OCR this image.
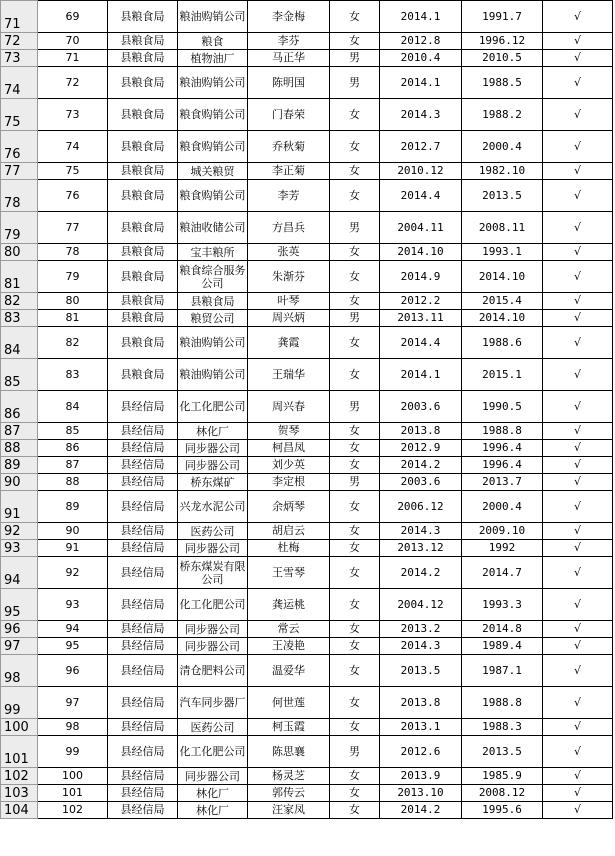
71	69	县粮食局	粮油购销公司	李金梅	女	2014.1	1991.7	√
72	70	县粮食局	粮食	李芬	女	2012.8	1996.12	√
73	71	县粮食局	植物油厂	马正华	男	2010.4	2010.5	√
74	72	县粮食局	粮油购销公司	陈明国	男	2014.1	1988.5	√
75	73	县粮食局	粮食购销公司	门春荣	女	2014.3	1988.2	√
76	74	县粮食局	粮食购销公司	乔秋菊	女	2012.7	2000.4	√
77	75	县粮食局	城关粮贸	李正菊	女	2010.12	1982.10	√
78	76	县粮食局	粮食购销公司	李芳	女	2014.4	2013.5	√
79	77	县粮食局	粮油收储公司	方昌兵	男	2004.11	2008.11	√
80	78	县粮食局	宝丰粮所	张英	女	2014.10	1993.1	√
81	79	县粮食局	粮食综合服务公司	朱渐芬	女	2014.9	2014.10	√
82	80	县粮食局	县粮食局	叶琴	女	2012.2	2015.4	√
83	81	县粮食局	粮贸公司	周兴炳	男	2013.11	2014.10	√
84	82	县粮食局	粮油购销公司	龚霞	女	2014.4	1988.6	√
85	83	县粮食局	粮油购销公司	王瑞华	女	2014.1	2015.1	√
86	84	县经信局	化工化肥公司	周兴春	男	2003.6	1990.5	√
87	85	县经信局	林化厂	贺琴	女	2013.8	1988.8	√
88	86	县经信局	同步器公司	柯昌凤	女	2012.9	1996.4	√
89	87	县经信局	同步器公司	刘少英	女	2014.2	1996.4	√
90	88	县经信局	桥东煤矿	李定根	男	2003.6	2013.7	√
91	89	县经信局	兴龙水泥公司	余炳琴	女	2006.12	2000.4	√
92	90	县经信局	医药公司	胡启云	女	2014.3	2009.10	√
93	91	县经信局	同步器公司	杜梅	女	2013.12	1992	√
94	92	县经信局	桥东煤炭有限公司	王雪琴	女	2014.2	2014.7	√
95	93	县经信局	化工化肥公司	龚运桃	女	2004.12	1993.3	√
96	94	县经信局	同步器公司	常云	女	2013.2	2014.8	√
97	95	县经信局	同步器公司	王凌艳	女	2014.3	1989.4	√
98	96	县经信局	清仓肥料公司	温爱华	女	2013.5	1987.1	√
99	97	县经信局	汽车同步器厂	何世莲	女	2013.8	1988.8	√
100	98	县经信局	医药公司	柯玉霞	女	2013.1	1988.3	√
101	99	县经信局	化工化肥公司	陈思襄	男	2012.6	2013.5	√
102	100	县经信局	同步器公司	杨灵芝	女	2013.9	1985.9	√
103	101	县经信局	林化厂	郭传云	女	2013.10	2008.12	√
104	102	县经信局	林化厂	汪家凤	女	2014.2	1995.6	√
